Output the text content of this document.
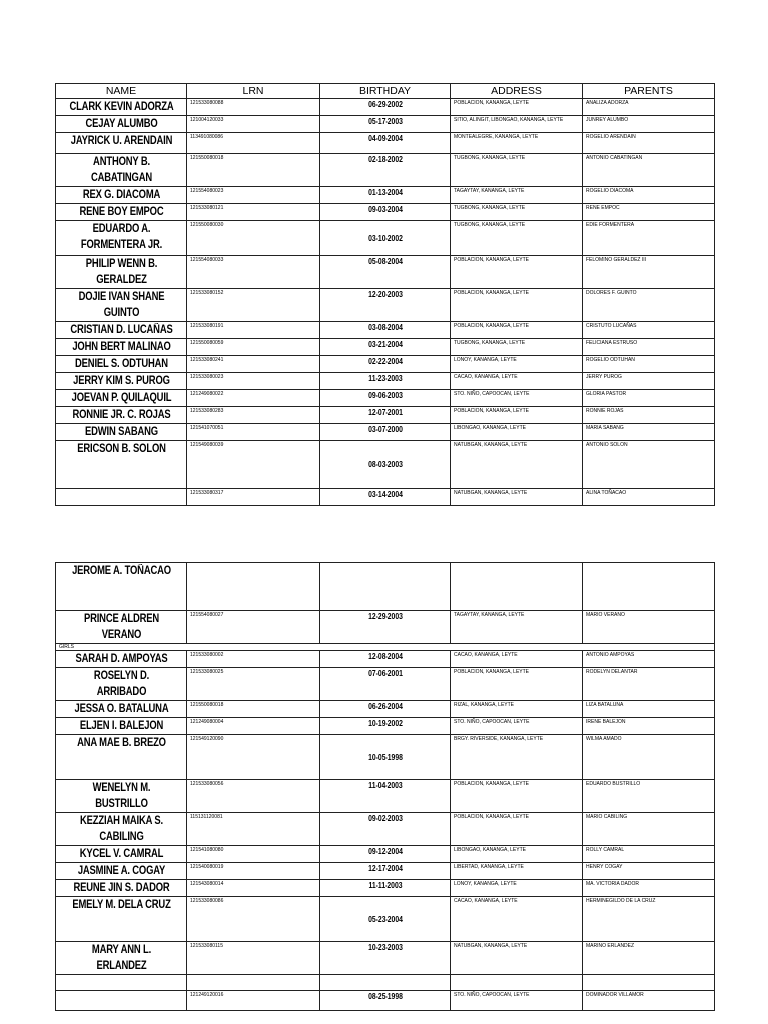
NAME	LRN	BIRTHDAY	ADDRESS	PARENTS
CLARK KEVIN ADORZA	121533080088	06-29-2002	POBLACION, KANANGA, LEYTE	ANALIZA ADORZA
CEJAY ALUMBO	121004120033	05-17-2003	SITIO, ALINGIT, LIBONGAO, KANANGA, LEYTE	JUNREY ALUMBO
JAYRICK U. ARENDAIN	113491080086	04-09-2004	MONTEALEGRE, KANANGA, LEYTE	ROGELIO ARENDAIN
ANTHONY B. CABATINGAN	121550080018	02-18-2002	TUGBONG, KANANGA, LEYTE	ANTONIO CABATINGAN
REX G. DIACOMA	121554080023	01-13-2004	TAGAYTAY, KANANGA, LEYTE	ROGELIO DIACOMA
RENE BOY EMPOC	121533080121	09-03-2004	TUGBONG, KANANGA, LEYTE	RENE EMPOC
EDUARDO A. FORMENTERA JR.	121550080030	03-10-2002	TUGBONG, KANANGA, LEYTE	EDIE FORMENTERA
PHILIP WENN B. GERALDEZ	121554080033	05-08-2004	POBLACION, KANANGA, LEYTE	FELOMINO GERALDEZ III
DOJIE IVAN SHANE GUINTO	121533080152	12-20-2003	POBLACION, KANANGA, LEYTE	DOLORES F. GUINTO
CRISTIAN D. LUCAÑAS	121533080191	03-08-2004	POBLACION, KANANGA, LEYTE	CRISTUTO LUCAÑAS
JOHN BERT MALINAO	121550080059	03-21-2004	TUGBONG, KANANGA, LEYTE	FELICIANA ESTRUSO
DENIEL S. ODTUHAN	121533080241	02-22-2004	LONOY, KANANGA, LEYTE	ROGELIO ODTUHAN
JERRY KIM S. PUROG	121533080023	11-23-2003	CACAO, KANANGA, LEYTE	JERRY PUROG
JOEVAN P. QUILAQUIL	121249080022	09-06-2003	STO. NIÑO, CAPOOCAN, LEYTE	GLORIA PASTOR
RONNIE JR. C. ROJAS	121533080283	12-07-2001	POBLACION, KANANGA, LEYTE	RONNIE ROJAS
EDWIN SABANG	121541070051	03-07-2000	LIBONGAO, KANANGA, LEYTE	MARIA SABANG
ERICSON B. SOLON	121549080039	08-03-2003	NATUBGAN, KANANGA, LEYTE	ANTONIO SOLON
	121533080317	03-14-2004	NATUBGAN, KANANGA, LEYTE	ALINA TOÑACAO
JEROME A. TOÑACAO				
PRINCE ALDREN VERANO	121554080027	12-29-2003	TAGAYTAY, KANANGA, LEYTE	MARIO VERANO
GIRLS				
SARAH D. AMPOYAS	121533080002	12-08-2004	CACAO, KANANGA, LEYTE	ANTONIO AMPOYAS
ROSELYN D. ARRIBADO	121533080025	07-06-2001	POBLACION, KANANGA, LEYTE	RODELYN DELANTAR
JESSA O. BATALUNA	121550080018	06-26-2004	RIZAL, KANANGA, LEYTE	LIZA BATALUNA
ELJEN I. BALEJON	121249080004	10-19-2002	STO. NIÑO, CAPOOCAN, LEYTE	IRENE BALEJON
ANA MAE B. BREZO	121549120090	10-05-1998	BRGY. RIVERSIDE, KANANGA, LEYTE	WILMA AMADO
WENELYN M. BUSTRILLO	121533080056	11-04-2003	POBLACION, KANANGA, LEYTE	EDUARDO BUSTRILLO
KEZZIAH MAIKA S. CABILING	115131120081	09-02-2003	POBLACION, KANANGA, LEYTE	MARIO CABILING
KYCEL V. CAMRAL	121541080080	09-12-2004	LIBONGAO, KANANGA, LEYTE	ROLLY CAMRAL
JASMINE A. COGAY	121540080019	12-17-2004	LIBERTAD, KANANGA, LEYTE	HENRY COGAY
REUNE JIN S. DADOR	121543080014	11-11-2003	LONOY, KANANGA, LEYTE	MA. VICTORIA DADOR
EMELY M. DELA CRUZ	121533080086	05-23-2004	CACAO, KANANGA, LEYTE	HERMINEGILDO DE LA CRUZ
MARY ANN L. ERLANDEZ	121533080115	10-23-2003	NATUBGAN, KANANGA, LEYTE	MARINO ERLANDEZ

	121249120016	08-25-1998	STO. NIÑO, CAPOOCAN, LEYTE	DOMINADOR VILLAMOR
